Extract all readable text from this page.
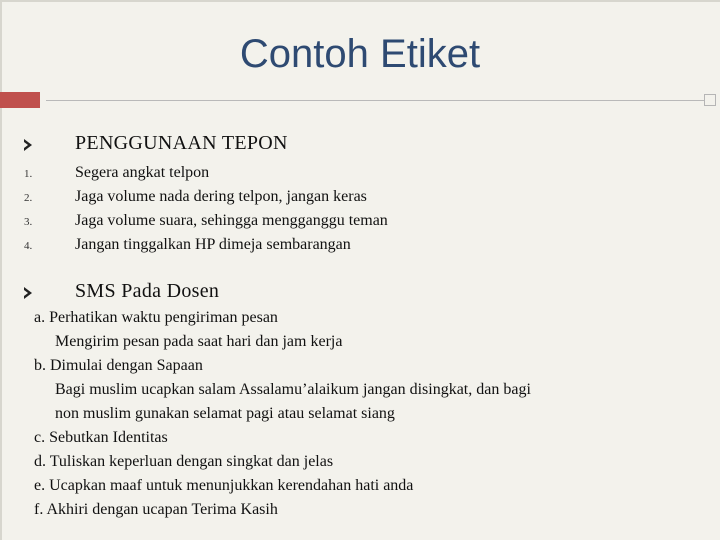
Contoh Etiket
PENGGUNAAN TEPON
1.	Segera angkat telpon
2.	Jaga volume nada dering telpon, jangan keras
3.	Jaga volume suara, sehingga mengganggu teman
4.	Jangan tinggalkan HP dimeja sembarangan
SMS Pada Dosen
a. Perhatikan waktu pengiriman pesan
Mengirim pesan pada saat hari dan jam kerja
b. Dimulai dengan Sapaan
Bagi muslim ucapkan salam Assalamu’alaikum jangan disingkat, dan bagi
non muslim gunakan selamat pagi atau selamat siang
c. Sebutkan Identitas
d. Tuliskan keperluan dengan singkat dan jelas
e. Ucapkan maaf untuk menunjukkan kerendahan hati anda
f. Akhiri dengan ucapan Terima Kasih
